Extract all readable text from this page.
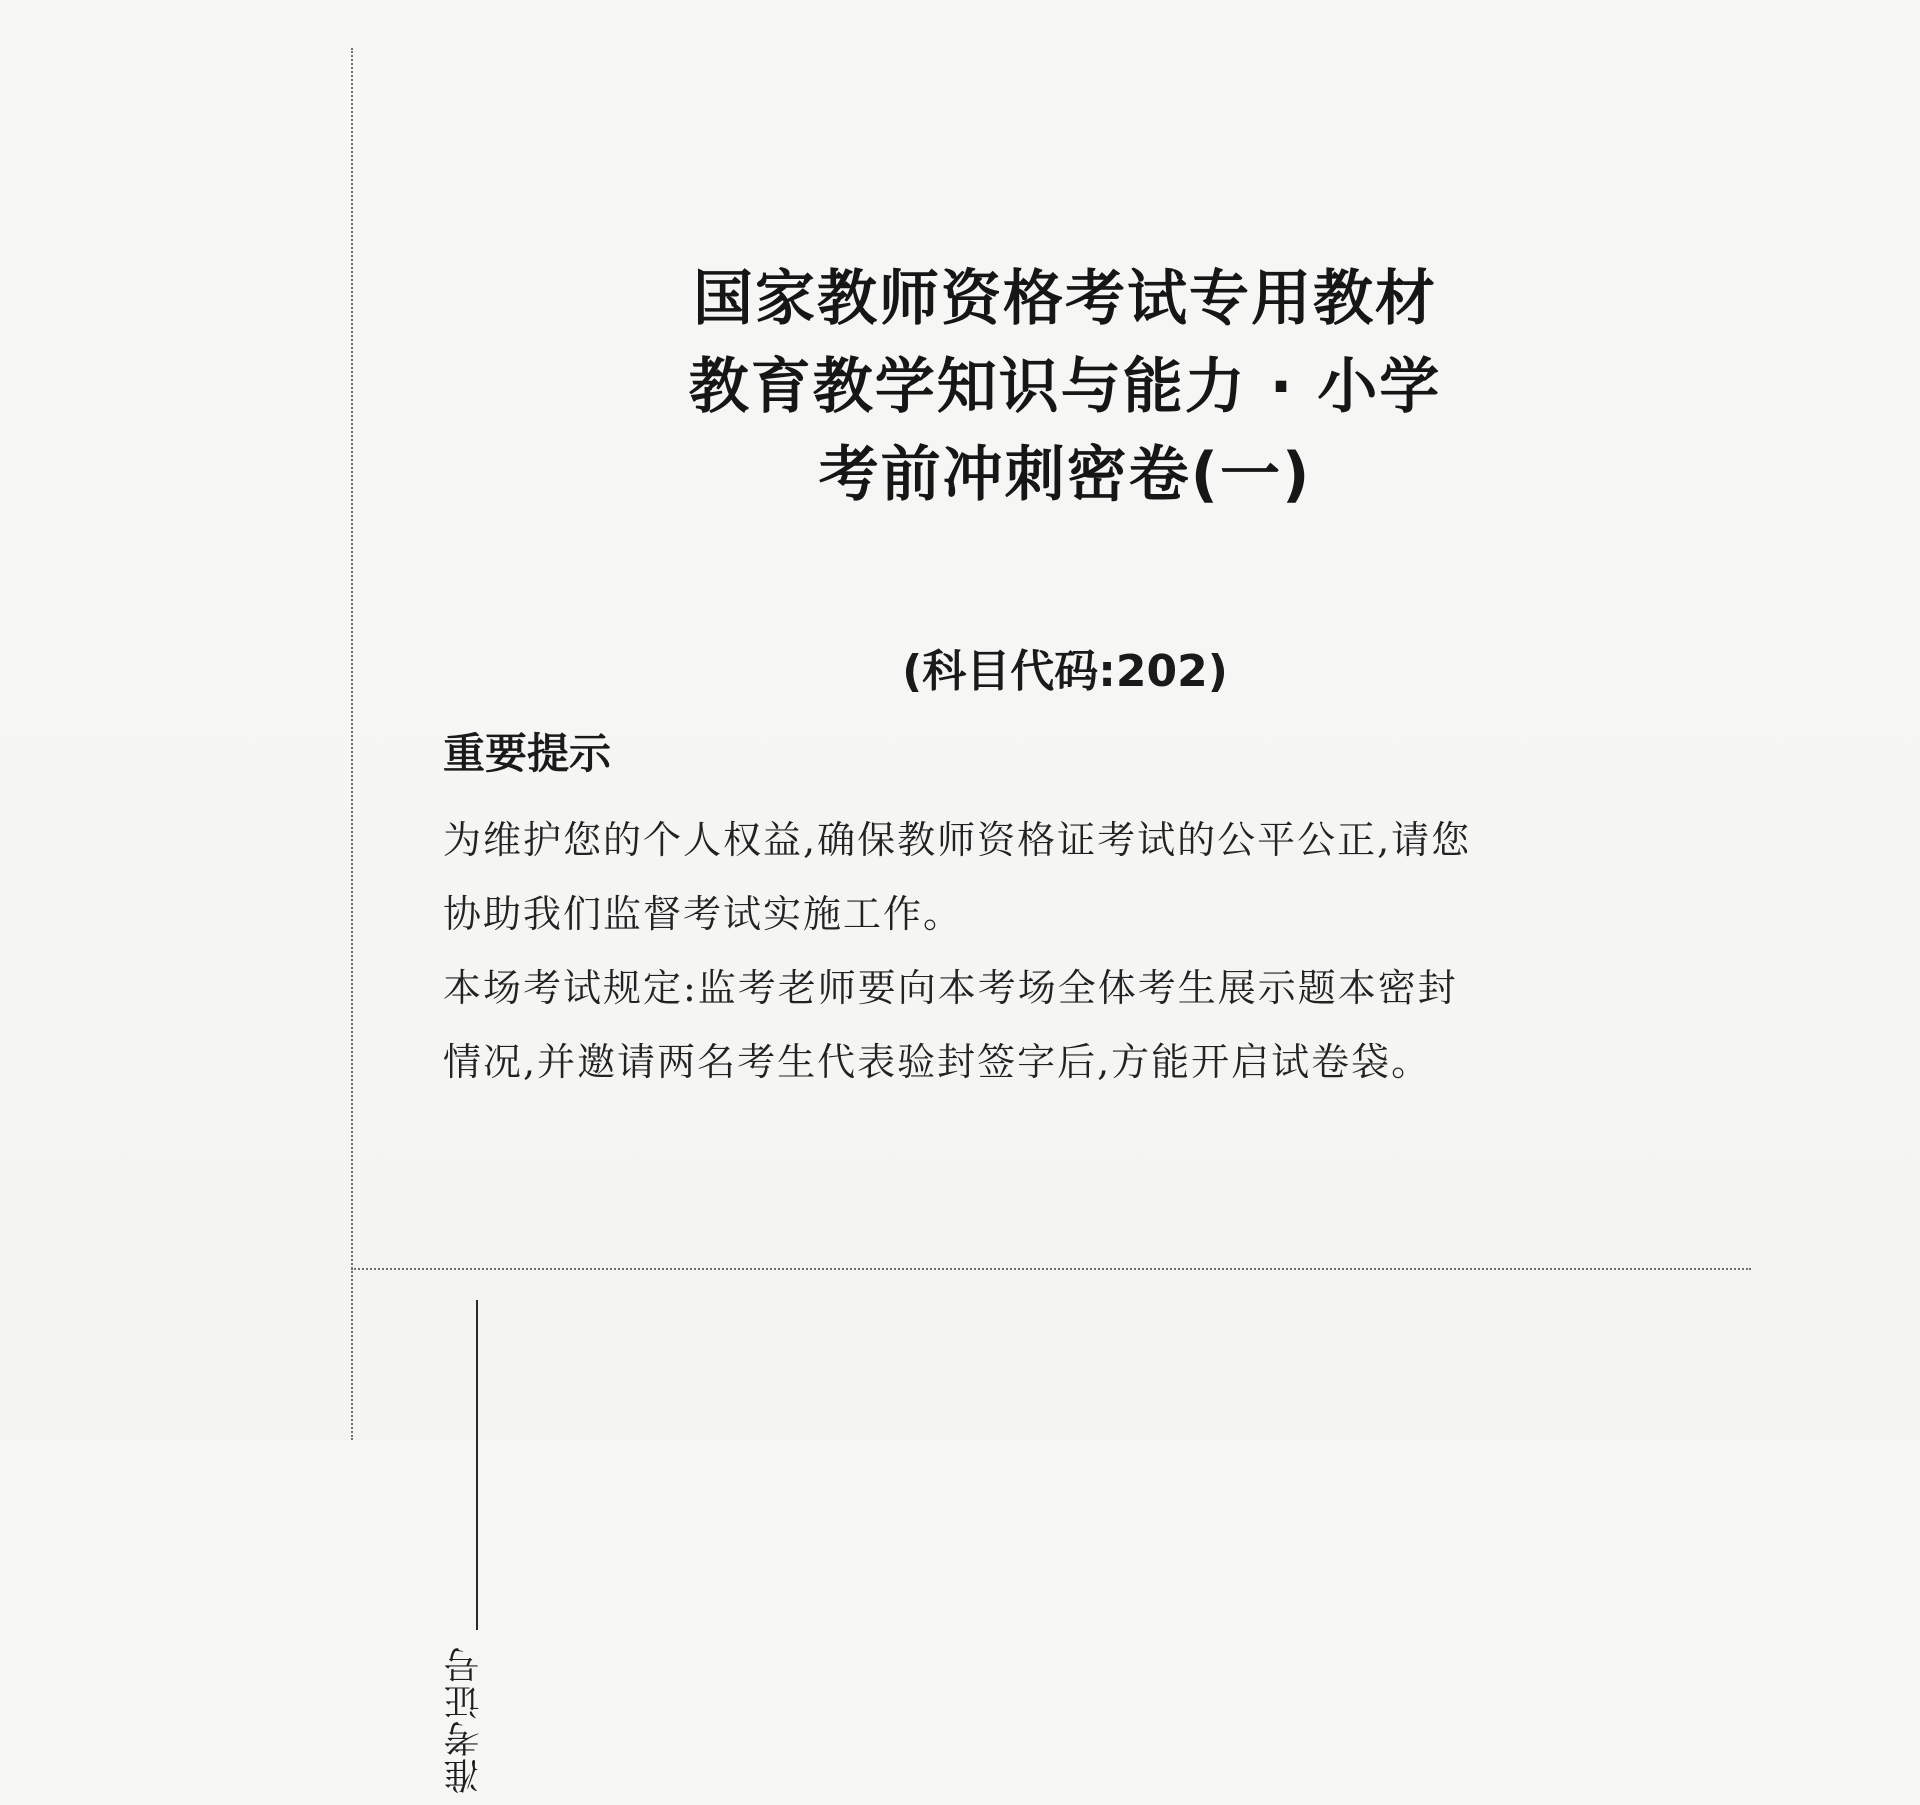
准考证号
国家教师资格考试专用教材
教育教学知识与能力 · 小学
考前冲刺密卷(一)
(科目代码:202)
重要提示

为维护您的个人权益,确保教师资格证考试的公平公正,请您
协助我们监督考试实施工作。

本场考试规定:监考老师要向本考场全体考生展示题本密封
情况,并邀请两名考生代表验封签字后,方能开启试卷袋。
